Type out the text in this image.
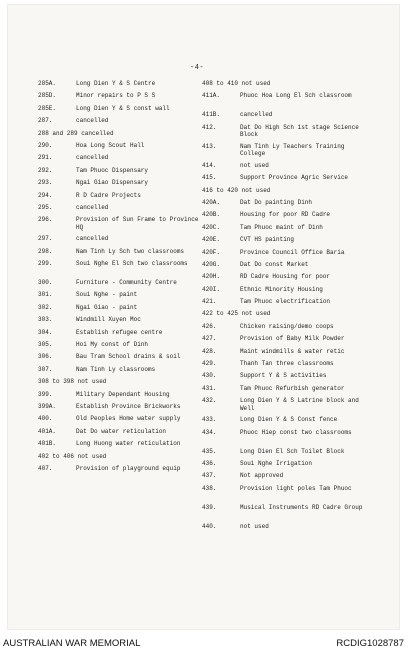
-4-
285A.	Long Dien Y & S Centre
285D.	Minor repairs to P S S
285E.	Long Dien Y & S const wall
287.	cancelled
288 and 289 cancelled
290.	Hoa Long Scout Hall
291.	cancelled
292.	Tam Phuoc Dispensary
293.	Ngai Giao Dispensary
294.	R D Cadre Projects
295.	cancelled
296.	Provision of Sun Frame to Province HQ
297.	cancelled
298.	Nam Tinh Ly Sch two classrooms
299.	Soui Nghe El Sch two classrooms
300.	Furniture - Community Centre
301.	Soui Nghe - paint
302.	Ngai Giao - paint
303.	Windmill Xuyen Moc
304.	Establish refugee centre
305.	Hoi My const of Dinh
306.	Bau Tram School drains & soil
307.	Nam Tinh Ly classrooms
308 to 398 not used
399.	Military Dependant Housing
399A.	Establish Province Brickworks
400.	Old Peoples Home water supply
401A.	Dat Do water reticulation
401B.	Long Huong water reticulation
402 to 406 not used
407.	Provision of playground equip
408 to 410 not used
411A.	Phuoc Hoa Long El Sch classroom
411B.	cancelled
412.	Dat Do High Sch 1st stage Science Block
413.	Nam Tinh Ly Teachers Training College
414.	not used
415.	Support Province Agric Service
416 to 420 not used
420A.	Dat Do painting Dinh
420B.	Housing for poor RD Cadre
420C.	Tam Phuoc maint of Dinh
420E.	CVT HS painting
420F.	Province Council Office Baria
420G.	Dat Do const Market
420H.	RD Cadre Housing for poor
420I.	Ethnic Minority Housing
421.	Tam Phuoc electrification
422 to 425 not used
426.	Chicken raising/demo coops
427.	Provision of Baby Milk Powder
428.	Maint windmills & water retic
429.	Thanh Tan three classrooms
430.	Support Y & S activities
431.	Tam Phuoc Refurbish generator
432.	Long Dien Y & S Latrine block and Well
433.	Long Dien Y & S Const fence
434.	Phuoc Hiep const two classrooms
435.	Long Dien El Sch Toilet Block
436.	Soui Nghe Irrigation
437.	Not approved
438.	Provision light poles Tam Phuoc
439.	Musical Instruments RD Cadre Group
440.	not used
AUSTRALIAN WAR MEMORIAL	RCDIG1028787
